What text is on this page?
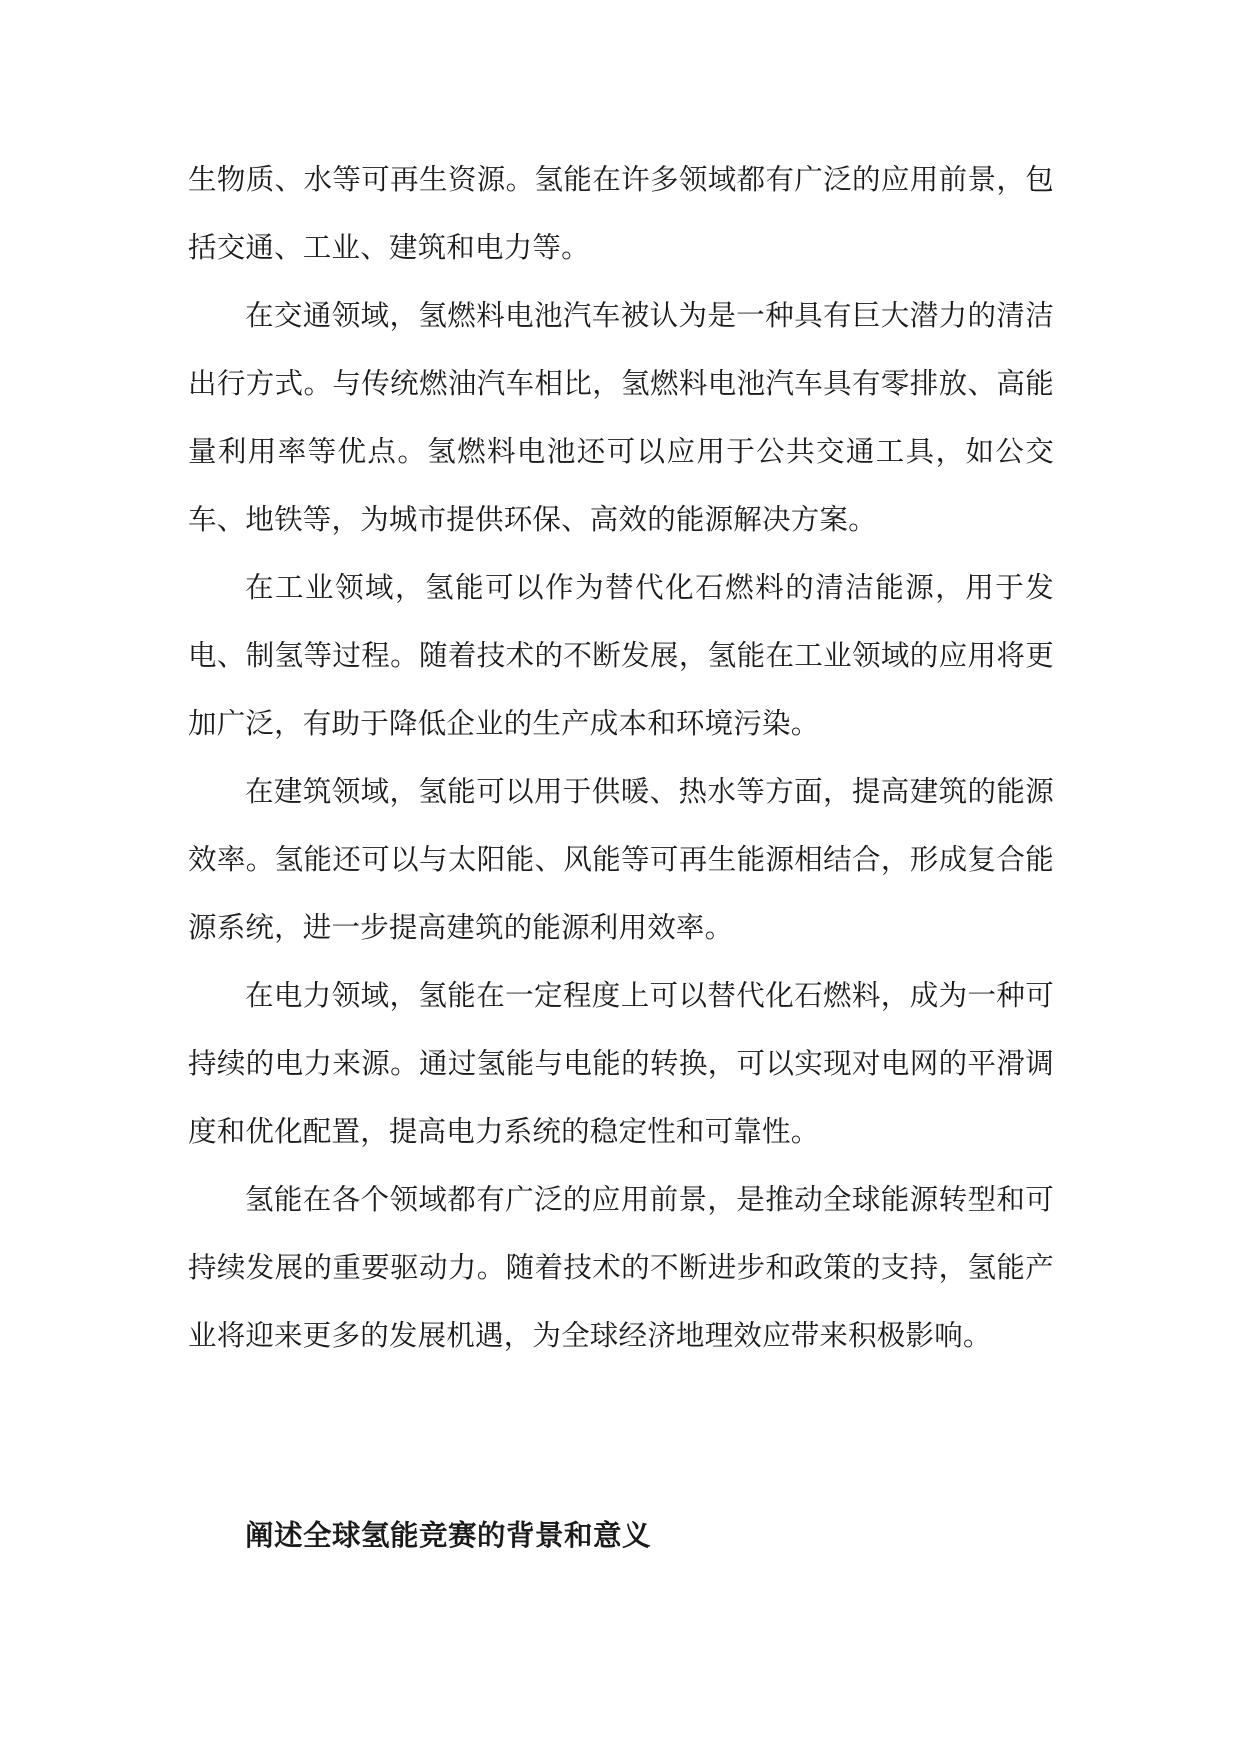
生物质、水等可再生资源。氢能在许多领域都有广泛的应用前景，包括交通、工业、建筑和电力等。

在交通领域，氢燃料电池汽车被认为是一种具有巨大潜力的清洁出行方式。与传统燃油汽车相比，氢燃料电池汽车具有零排放、高能量利用率等优点。氢燃料电池还可以应用于公共交通工具，如公交车、地铁等，为城市提供环保、高效的能源解决方案。

在工业领域，氢能可以作为替代化石燃料的清洁能源，用于发电、制氢等过程。随着技术的不断发展，氢能在工业领域的应用将更加广泛，有助于降低企业的生产成本和环境污染。

在建筑领域，氢能可以用于供暖、热水等方面，提高建筑的能源效率。氢能还可以与太阳能、风能等可再生能源相结合，形成复合能源系统，进一步提高建筑的能源利用效率。

在电力领域，氢能在一定程度上可以替代化石燃料，成为一种可持续的电力来源。通过氢能与电能的转换，可以实现对电网的平滑调度和优化配置，提高电力系统的稳定性和可靠性。

氢能在各个领域都有广泛的应用前景，是推动全球能源转型和可持续发展的重要驱动力。随着技术的不断进步和政策的支持，氢能产业将迎来更多的发展机遇，为全球经济地理效应带来积极影响。

阐述全球氢能竞赛的背景和意义
